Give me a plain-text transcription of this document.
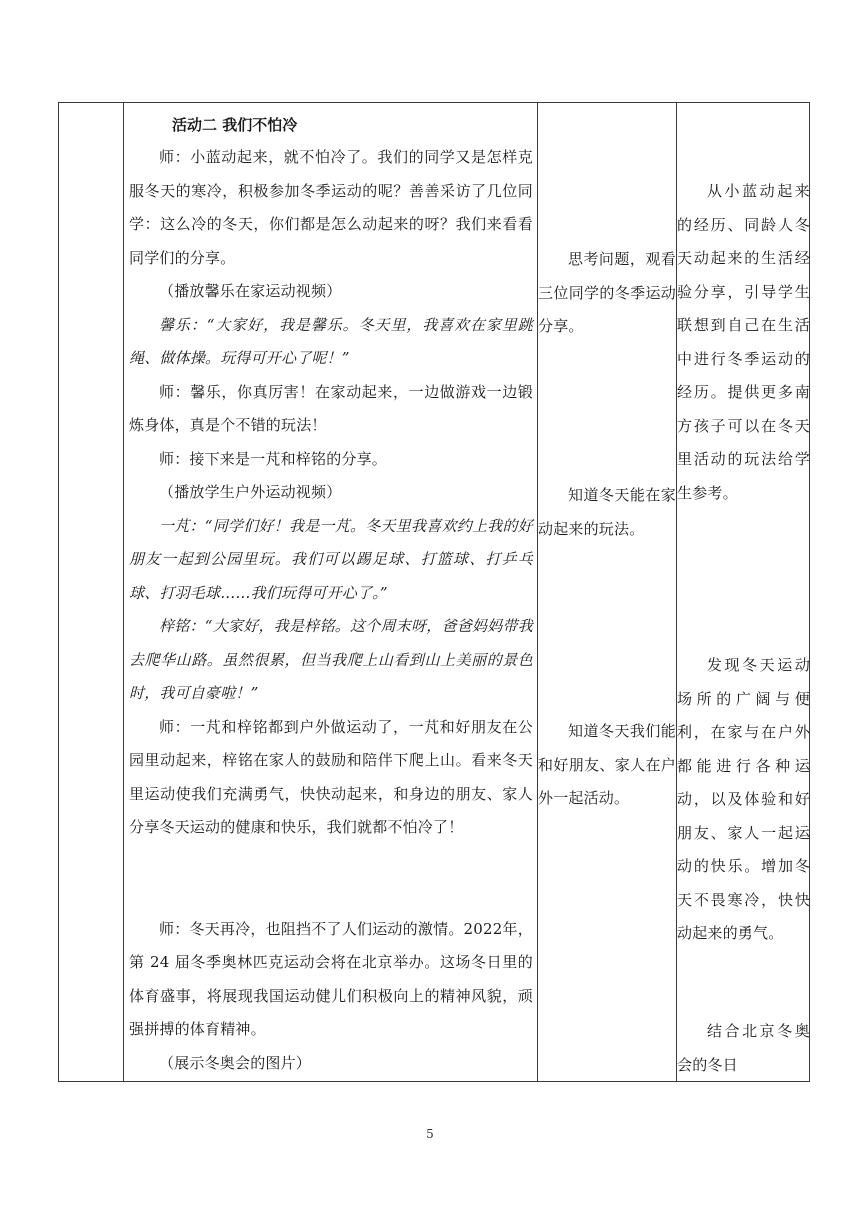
活动二 我们不怕冷

师：小蓝动起来，就不怕冷了。我们的同学又是怎样克服冬天的寒冷，积极参加冬季运动的呢？善善采访了几位同学：这么冷的冬天，你们都是怎么动起来的呀？我们来看看同学们的分享。

（播放馨乐在家运动视频）

馨乐：“大家好，我是馨乐。冬天里，我喜欢在家里跳绳、做体操。玩得可开心了呢！”

师：馨乐，你真厉害！在家动起来，一边做游戏一边锻炼身体，真是个不错的玩法！

师：接下来是一芃和梓铭的分享。

（播放学生户外运动视频）

一芃：“同学们好！我是一芃。冬天里我喜欢约上我的好朋友一起到公园里玩。我们可以踢足球、打篮球、打乒乓球、打羽毛球……我们玩得可开心了。”

梓铭：“大家好，我是梓铭。这个周末呀，爸爸妈妈带我去爬华山路。虽然很累，但当我爬上山看到山上美丽的景色时，我可自豪啦！”

师：一芃和梓铭都到户外做运动了，一芃和好朋友在公园里动起来，梓铭在家人的鼓励和陪伴下爬上山。看来冬天里运动使我们充满勇气，快快动起来，和身边的朋友、家人分享冬天运动的健康和快乐，我们就都不怕冷了！

师：冬天再冷，也阻挡不了人们运动的激情。2022年，第 24 届冬季奥林匹克运动会将在北京举办。这场冬日里的体育盛事，将展现我国运动健儿们积极向上的精神风貌，顽强拼搏的体育精神。

（展示冬奥会的图片）

思考问题，观看三位同学的冬季运动分享。

知道冬天能在家动起来的玩法。

知道冬天我们能和好朋友、家人在户外一起活动。

从小蓝动起来的经历、同龄人冬天动起来的生活经验分享，引导学生联想到自己在生活中进行冬季运动的经历。提供更多南方孩子可以在冬天里活动的玩法给学生参考。

发现冬天运动场所的广阔与便利，在家与在户外都能进行各种运动，以及体验和好朋友、家人一起运动的快乐。增加冬天不畏寒冷，快快动起来的勇气。

结合北京冬奥会的冬日

5
